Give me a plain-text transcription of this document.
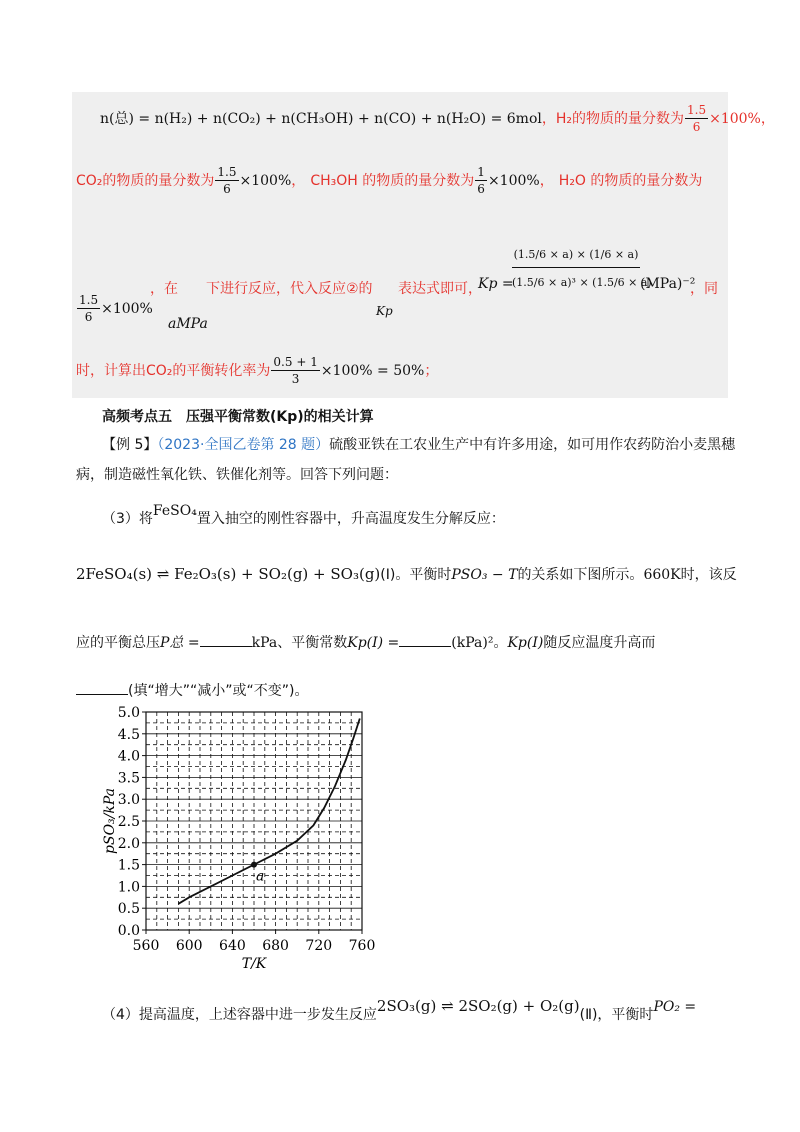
n(总) = n(H₂) + n(CO₂) + n(CH₃OH) + n(CO) + n(H₂O) = 6mol，H₂的物质的量分数为 $\frac{1.5}{6} \times 100\%$，
CO₂的物质的量分数为 $\frac{1.5}{6} \times 100\%$， CH₃OH 的物质的量分数为 $\frac{1}{6} \times 100\%$， H₂O 的物质的量分数为
$\frac{1.5}{6} \times 100\%$
，在
aMPa
下进行反应，代入反应②的 表达式即可，
Kp
Kp =
$\frac{(1.5/6 \times a) \times (1/6 \times a)}{\text{(1.5/6 × a)³ × (1.5/6 × a)}} (MPa)^{-2}$
，同
时，计算出CO₂的平衡转化率为 $\frac{0.5 + 1}{3} \times 100\% = 50\%$；
高频考点五　压强平衡常数(Kp)的相关计算
【例 5】（2023·全国乙卷第 28 题）硫酸亚铁在工农业生产中有许多用途，如可用作农药防治小麦黑穗
病，制造磁性氧化铁、铁催化剂等。回答下列问题：
（3）将FeSO₄置入抽空的刚性容器中，升高温度发生分解反应：
2FeSO₄(s) ⇌ Fe₂O₃(s) + SO₂(g) + SO₃(g)(Ⅰ)。平衡时PSO₃ − T的关系如下图所示。660K时，该反
应的平衡总压P总 =	kPa、平衡常数Kp(Ⅰ) =	(kPa)²。Kp(Ⅰ)随反应温度升高而
(填“增大”“减小”或“不变”)。
0.0
0.5
1.0
1.5
2.0
2.5
3.0
3.5
4.0
4.5
5.0
560 600 640 680 720 760
T/K
pSO₃/kPa
a
（4）提高温度，上述容器中进一步发生反应2SO₃(g) ⇌ 2SO₂(g) + O₂(g)(Ⅱ)，平衡时PO₂ =
